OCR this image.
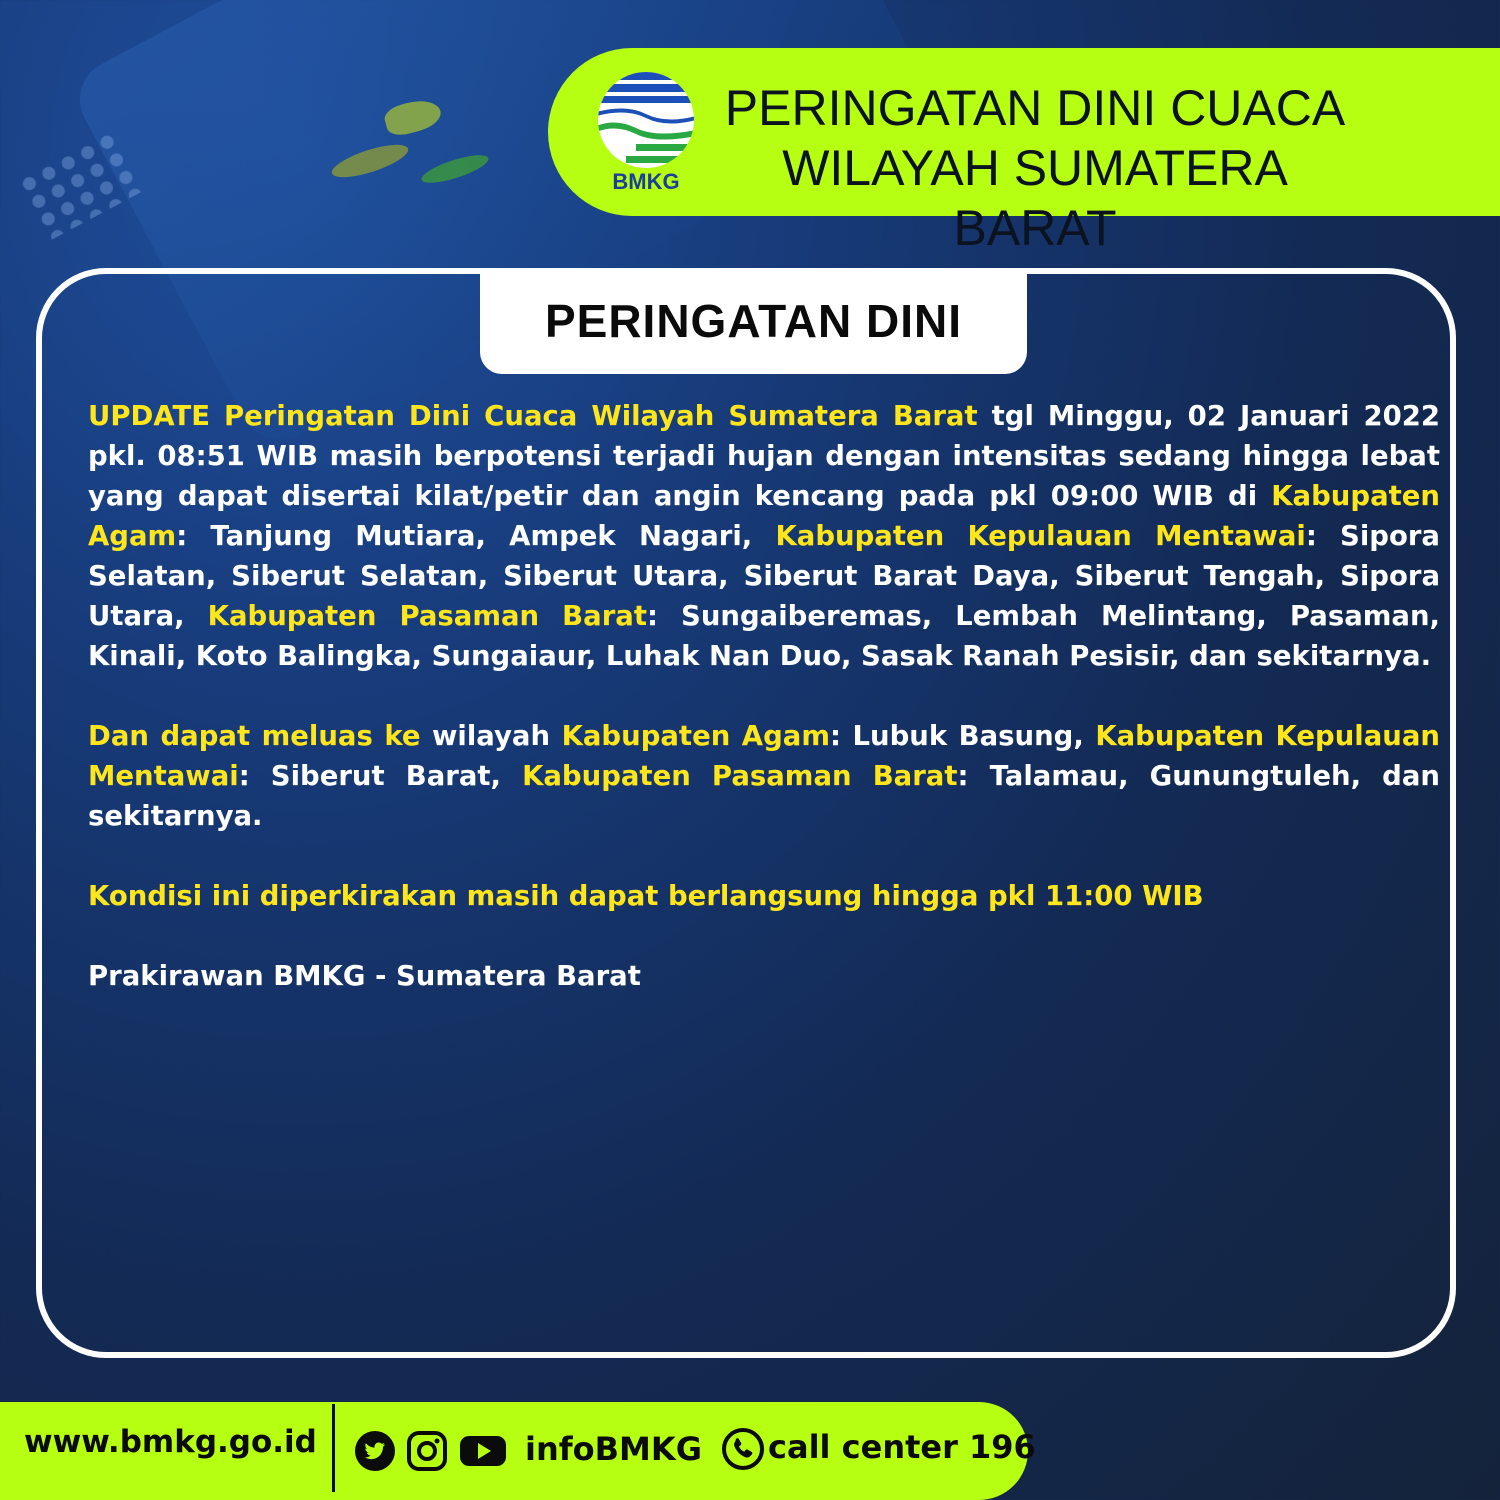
BMKG
PERINGATAN DINI CUACA
WILAYAH SUMATERA BARAT
PERINGATAN DINI

UPDATE Peringatan Dini Cuaca Wilayah Sumatera Barat tgl Minggu, 02 Januari 2022 pkl. 08:51 WIB masih berpotensi terjadi hujan dengan intensitas sedang hingga lebat yang dapat disertai kilat/petir dan angin kencang pada pkl 09:00 WIB di Kabupaten Agam: Tanjung Mutiara, Ampek Nagari, Kabupaten Kepulauan Mentawai: Sipora Selatan, Siberut Selatan, Siberut Utara, Siberut Barat Daya, Siberut Tengah, Sipora Utara, Kabupaten Pasaman Barat: Sungaiberemas, Lembah Melintang, Pasaman, Kinali, Koto Balingka, Sungaiaur, Luhak Nan Duo, Sasak Ranah Pesisir, dan sekitarnya.

Dan dapat meluas ke wilayah Kabupaten Agam: Lubuk Basung, Kabupaten Kepulauan Mentawai: Siberut Barat, Kabupaten Pasaman Barat: Talamau, Gunungtuleh, dan sekitarnya.

Kondisi ini diperkirakan masih dapat berlangsung hingga pkl 11:00 WIB

Prakirawan BMKG - Sumatera Barat

www.bmkg.go.id	infoBMKG call center 196
